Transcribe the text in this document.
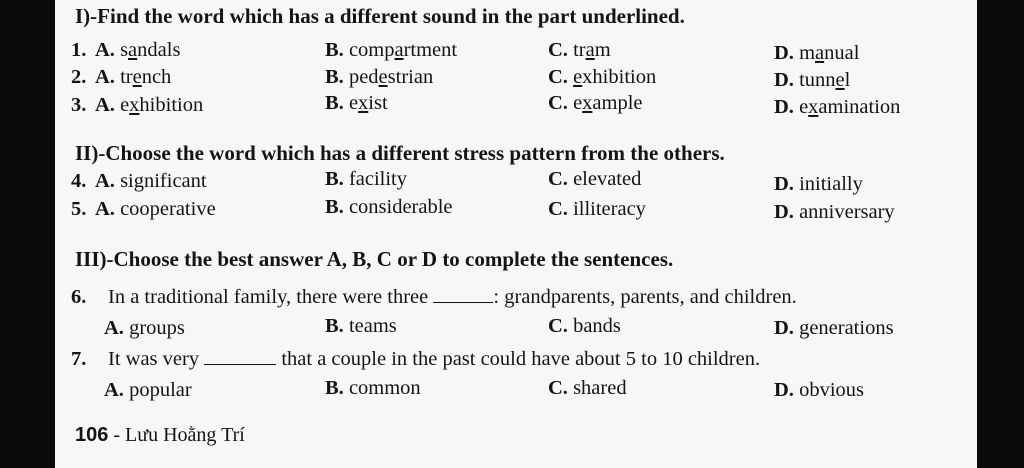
I)-Find the word which has a different sound in the part underlined.
1. A. sandals	B. compartment	C. tram	D. manual
2. A. trench	B. pedestrian	C. exhibition	D. tunnel
3. A. exhibition	B. exist	C. example	D. examination
II)-Choose the word which has a different stress pattern from the others.
4. A. significant	B. facility	C. elevated	D. initially
5. A. cooperative	B. considerable	C. illiteracy	D. anniversary
III)-Choose the best answer A, B, C or D to complete the sentences.
6. In a traditional family, there were three	: grandparents, parents, and children.
A. groups	B. teams	C. bands	D. generations
7. It was very	that a couple in the past could have about 5 to 10 children.
A. popular	B. common	C. shared	D. obvious
106 - Lưu Hoằng Trí
